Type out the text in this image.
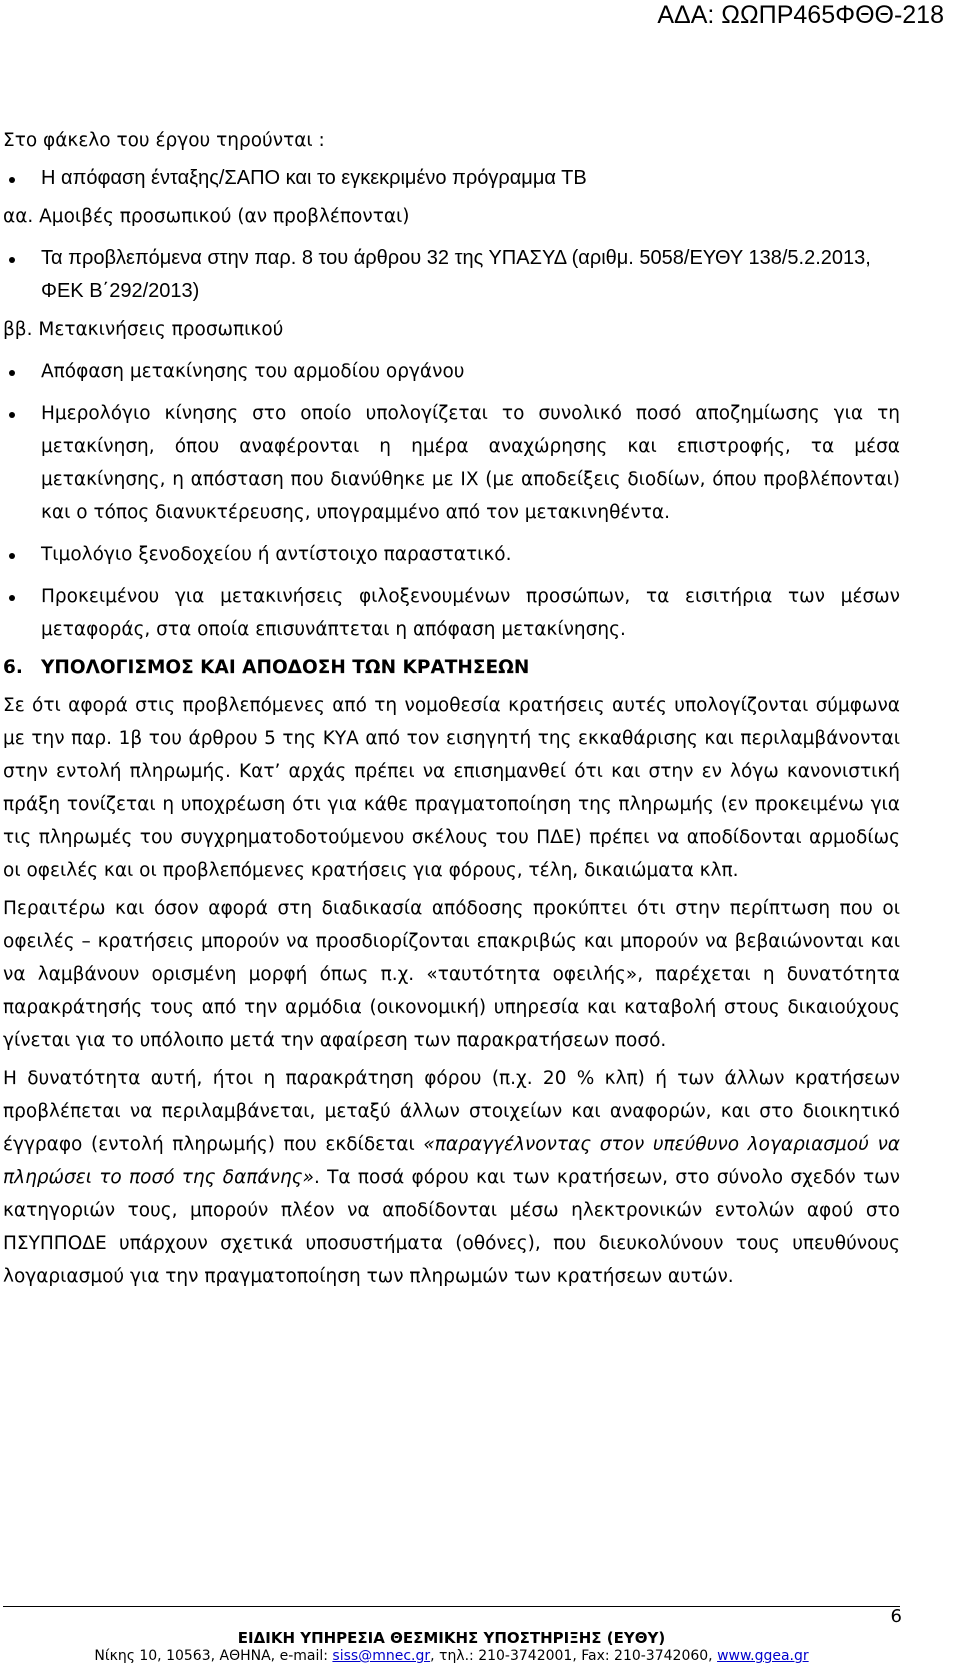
ΑΔΑ: ΩΩΠΡ465ΦΘΘ-218

Στο φάκελο του έργου τηρούνται :

Η απόφαση ένταξης/ΣΑΠΟ και το εγκεκριμένο πρόγραμμα ΤΒ

αα. Αμοιβές προσωπικού (αν προβλέπονται)

Τα προβλεπόμενα στην παρ. 8 του άρθρου 32 της ΥΠΑΣΥΔ (αριθμ. 5058/ΕΥΘΥ 138/5.2.2013, ΦΕΚ Β΄292/2013)

ββ. Μετακινήσεις προσωπικού

Απόφαση μετακίνησης του αρμοδίου οργάνου

Ημερολόγιο κίνησης στο οποίο υπολογίζεται το συνολικό ποσό αποζημίωσης για τη μετακίνηση, όπου αναφέρονται η ημέρα αναχώρησης και επιστροφής, τα μέσα μετακίνησης, η απόσταση που διανύθηκε με ΙΧ (με αποδείξεις διοδίων, όπου προβλέπονται) και ο τόπος διανυκτέρευσης, υπογραμμένο από τον μετακινηθέντα.

Τιμολόγιο ξενοδοχείου ή αντίστοιχο παραστατικό.

Προκειμένου για μετακινήσεις φιλοξενουμένων προσώπων, τα εισιτήρια των μέσων μεταφοράς, στα οποία επισυνάπτεται η απόφαση μετακίνησης.

6. ΥΠΟΛΟΓΙΣΜΟΣ ΚΑΙ ΑΠΟΔΟΣΗ ΤΩΝ ΚΡΑΤΗΣΕΩΝ

Σε ότι αφορά στις προβλεπόμενες από τη νομοθεσία κρατήσεις αυτές υπολογίζονται σύμφωνα με την παρ. 1β του άρθρου 5 της ΚΥΑ από τον εισηγητή της εκκαθάρισης και περιλαμβάνονται στην εντολή πληρωμής. Κατ’ αρχάς πρέπει να επισημανθεί ότι και στην εν λόγω κανονιστική πράξη τονίζεται η υποχρέωση ότι για κάθε πραγματοποίηση της πληρωμής (εν προκειμένω για τις πληρωμές του συγχρηματοδοτούμενου σκέλους του ΠΔΕ) πρέπει να αποδίδονται αρμοδίως οι οφειλές και οι προβλεπόμενες κρατήσεις για φόρους, τέλη, δικαιώματα κλπ.

Περαιτέρω και όσον αφορά στη διαδικασία απόδοσης προκύπτει ότι στην περίπτωση που οι οφειλές – κρατήσεις μπορούν να προσδιορίζονται επακριβώς και μπορούν να βεβαιώνονται και να λαμβάνουν ορισμένη μορφή όπως π.χ. «ταυτότητα οφειλής», παρέχεται η δυνατότητα παρακράτησής τους από την αρμόδια (οικονομική) υπηρεσία και καταβολή στους δικαιούχους γίνεται για το υπόλοιπο μετά την αφαίρεση των παρακρατήσεων ποσό.

Η δυνατότητα αυτή, ήτοι η παρακράτηση φόρου (π.χ. 20 % κλπ) ή των άλλων κρατήσεων προβλέπεται να περιλαμβάνεται, μεταξύ άλλων στοιχείων και αναφορών, και στο διοικητικό έγγραφο (εντολή πληρωμής) που εκδίδεται «παραγγέλνοντας στον υπεύθυνο λογαριασμού να πληρώσει το ποσό της δαπάνης». Τα ποσά φόρου και των κρατήσεων, στο σύνολο σχεδόν των κατηγοριών τους, μπορούν πλέον να αποδίδονται μέσω ηλεκτρονικών εντολών αφού στο ΠΣΥΠΠΟΔΕ υπάρχουν σχετικά υποσυστήματα (οθόνες), που διευκολύνουν τους υπευθύνους λογαριασμού για την πραγματοποίηση των πληρωμών των κρατήσεων αυτών.

6
ΕΙΔΙΚΗ ΥΠΗΡΕΣΙΑ ΘΕΣΜΙΚΗΣ ΥΠΟΣΤΗΡΙΞΗΣ (ΕΥΘΥ)
Νίκης 10, 10563, ΑΘΗΝΑ, e-mail: siss@mnec.gr, τηλ.: 210-3742001, Fax: 210-3742060, www.ggea.gr
